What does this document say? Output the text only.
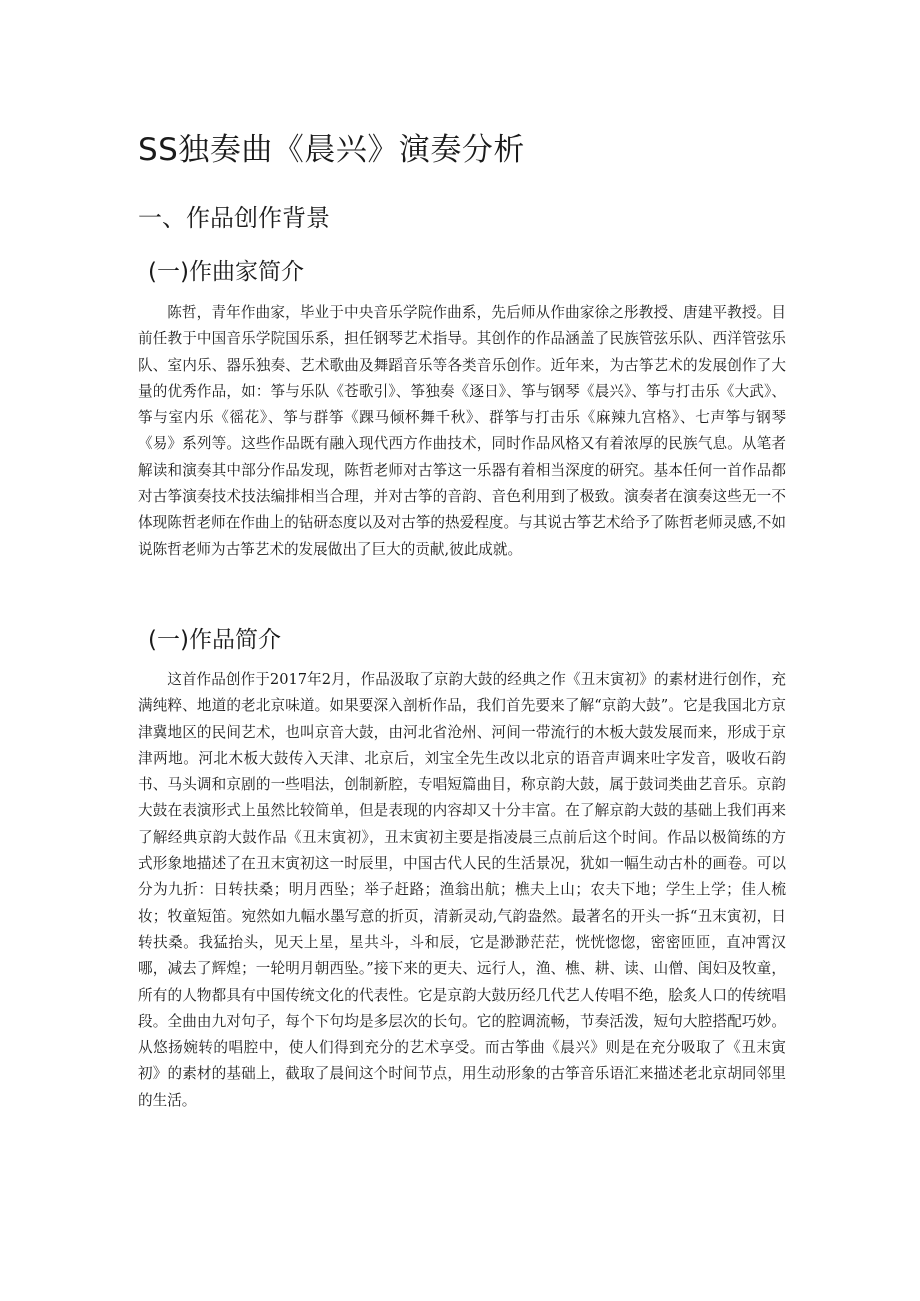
SS独奏曲《晨兴》演奏分析
一、作品创作背景
(一)作曲家简介

陈哲，青年作曲家，毕业于中央音乐学院作曲系，先后师从作曲家徐之彤教授、唐建平教授。目前任教于中国音乐学院国乐系，担任钢琴艺术指导。其创作的作品涵盖了民族管弦乐队、西洋管弦乐队、室内乐、器乐独奏、艺术歌曲及舞蹈音乐等各类音乐创作。近年来，为古筝艺术的发展创作了大量的优秀作品，如：筝与乐队《苍歌引》、筝独奏《逐日》、筝与钢琴《晨兴》、筝与打击乐《大武》、筝与室内乐《徭花》、筝与群筝《踝马倾杯舞千秋》、群筝与打击乐《麻辣九宫格》、七声筝与钢琴《易》系列等。这些作品既有融入现代西方作曲技术，同时作品风格又有着浓厚的民族气息。从笔者解读和演奏其中部分作品发现，陈哲老师对古筝这一乐器有着相当深度的研究。基本任何一首作品都对古筝演奏技术技法编排相当合理，并对古筝的音韵、音色利用到了极致。演奏者在演奏这些无一不体现陈哲老师在作曲上的钻研态度以及对古筝的热爱程度。与其说古筝艺术给予了陈哲老师灵感,不如说陈哲老师为古筝艺术的发展做出了巨大的贡献,彼此成就。

(一)作品简介

这首作品创作于2017年2月，作品汲取了京韵大鼓的经典之作《丑末寅初》的素材进行创作，充满纯粹、地道的老北京味道。如果要深入剖析作品，我们首先要来了解“京韵大鼓”。它是我国北方京津冀地区的民间艺术，也叫京音大鼓，由河北省沧州、河间一带流行的木板大鼓发展而来，形成于京津两地。河北木板大鼓传入天津、北京后，刘宝全先生改以北京的语音声调来吐字发音，吸收石韵书、马头调和京剧的一些唱法，创制新腔，专唱短篇曲目，称京韵大鼓，属于鼓词类曲艺音乐。京韵大鼓在表演形式上虽然比较简单，但是表现的内容却又十分丰富。在了解京韵大鼓的基础上我们再来了解经典京韵大鼓作品《丑末寅初》，丑末寅初主要是指凌晨三点前后这个时间。作品以极简练的方式形象地描述了在丑末寅初这一时辰里，中国古代人民的生活景况，犹如一幅生动古朴的画卷。可以分为九折：日转扶桑；明月西坠；举子赶路；渔翁出航；樵夫上山；农夫下地；学生上学；佳人梳妆；牧童短笛。宛然如九幅水墨写意的折页，清新灵动,气韵盎然。最著名的开头一拆“丑末寅初，日转扶桑。我猛抬头，见天上星，星共斗，斗和辰，它是渺渺茫茫，恍恍惚惚，密密匝匝，直冲霄汉哪，减去了辉煌；一轮明月朝西坠。”接下来的更夫、远行人，渔、樵、耕、读、山僧、闺妇及牧童，所有的人物都具有中国传统文化的代表性。它是京韵大鼓历经几代艺人传唱不绝，脍炙人口的传统唱段。全曲由九对句子，每个下句均是多层次的长句。它的腔调流畅，节奏活泼，短句大腔搭配巧妙。从悠扬婉转的唱腔中，使人们得到充分的艺术享受。而古筝曲《晨兴》则是在充分吸取了《丑末寅初》的素材的基础上，截取了晨间这个时间节点，用生动形象的古筝音乐语汇来描述老北京胡同邻里的生活。
